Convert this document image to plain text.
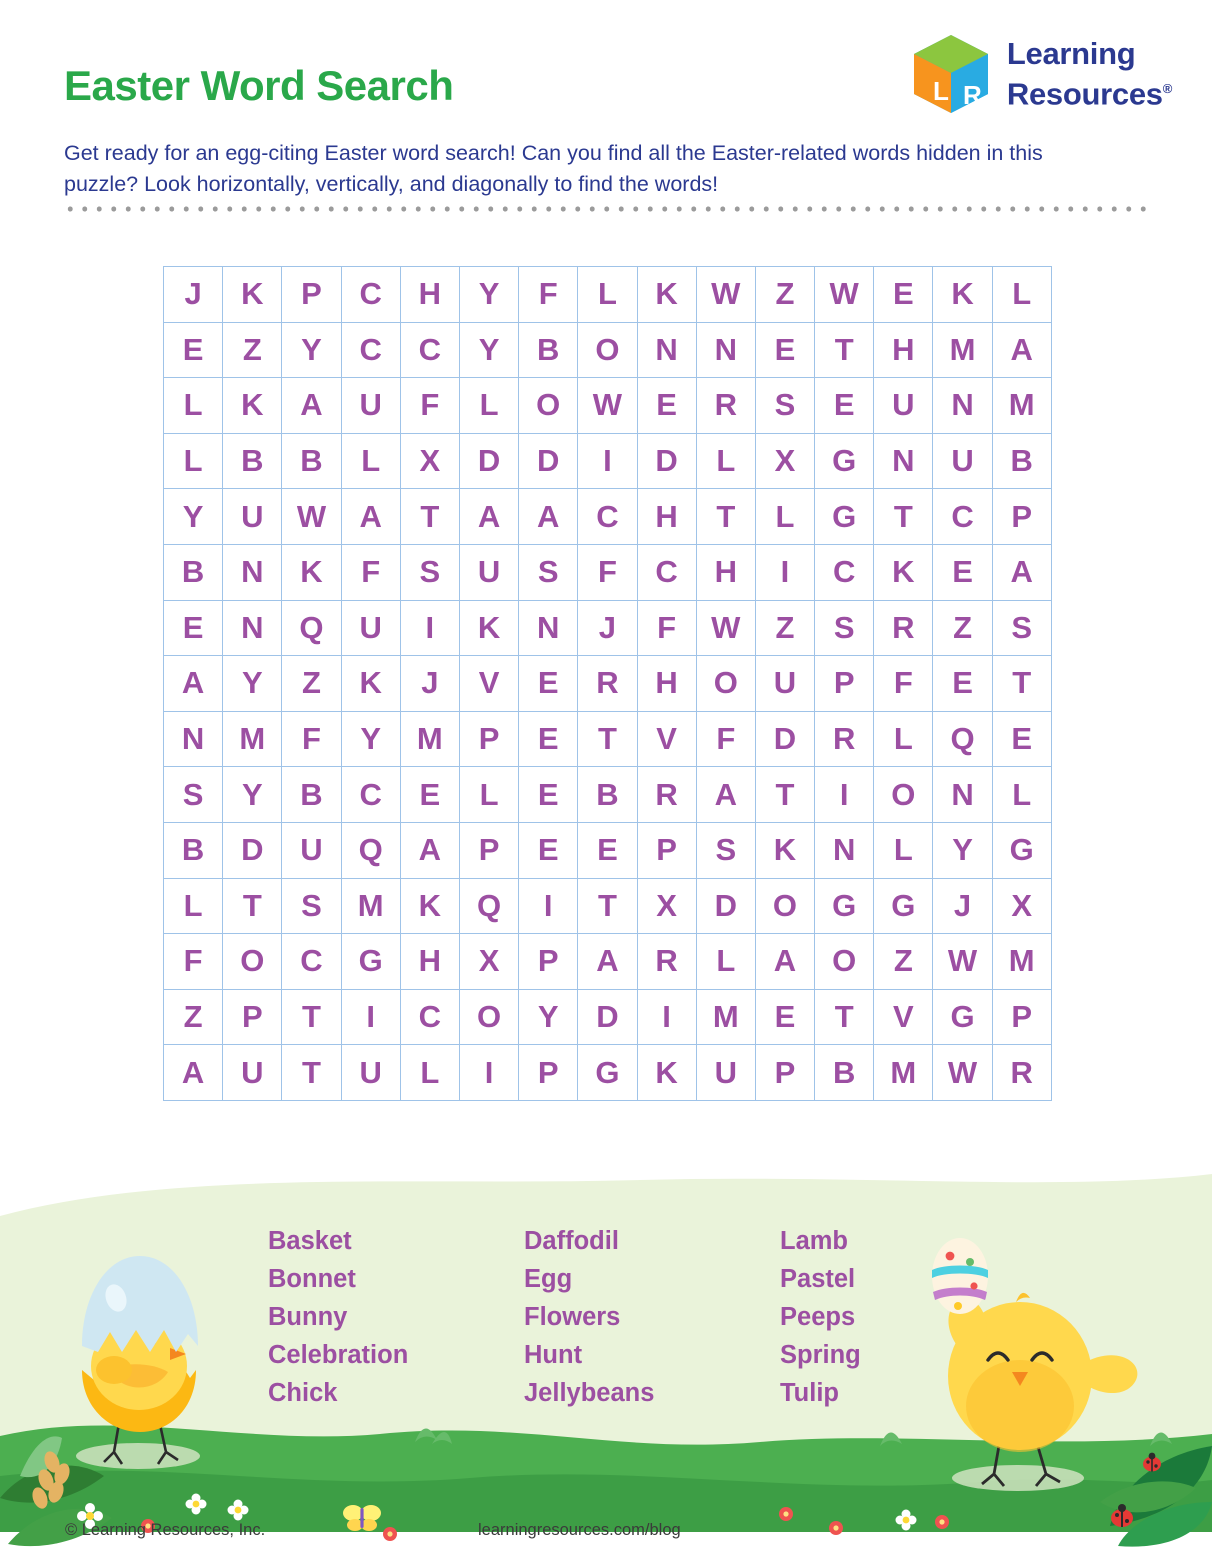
Easter Word Search
Get ready for an egg-citing Easter word search! Can you find all the Easter-related words hidden in this puzzle? Look horizontally, vertically, and diagonally to find the words!
L R
Learning
Resources®
J	K	P	C	H	Y	F	L	K	W	Z	W	E	K	L
E	Z	Y	C	C	Y	B	O	N	N	E	T	H	M	A
L	K	A	U	F	L	O	W	E	R	S	E	U	N	M
L	B	B	L	X	D	D	I	D	L	X	G	N	U	B
Y	U	W	A	T	A	A	C	H	T	L	G	T	C	P
B	N	K	F	S	U	S	F	C	H	I	C	K	E	A
E	N	Q	U	I	K	N	J	F	W	Z	S	R	Z	S
A	Y	Z	K	J	V	E	R	H	O	U	P	F	E	T
N	M	F	Y	M	P	E	T	V	F	D	R	L	Q	E
S	Y	B	C	E	L	E	B	R	A	T	I	O	N	L
B	D	U	Q	A	P	E	E	P	S	K	N	L	Y	G
L	T	S	M	K	Q	I	T	X	D	O	G	G	J	X
F	O	C	G	H	X	P	A	R	L	A	O	Z	W	M
Z	P	T	I	C	O	Y	D	I	M	E	T	V	G	P
A	U	T	U	L	I	P	G	K	U	P	B	M	W	R
Basket
Bonnet
Bunny
Celebration
Chick
Daffodil
Egg
Flowers
Hunt
Jellybeans
Lamb
Pastel
Peeps
Spring
Tulip
© Learning Resources, Inc.	learningresources.com/blog
